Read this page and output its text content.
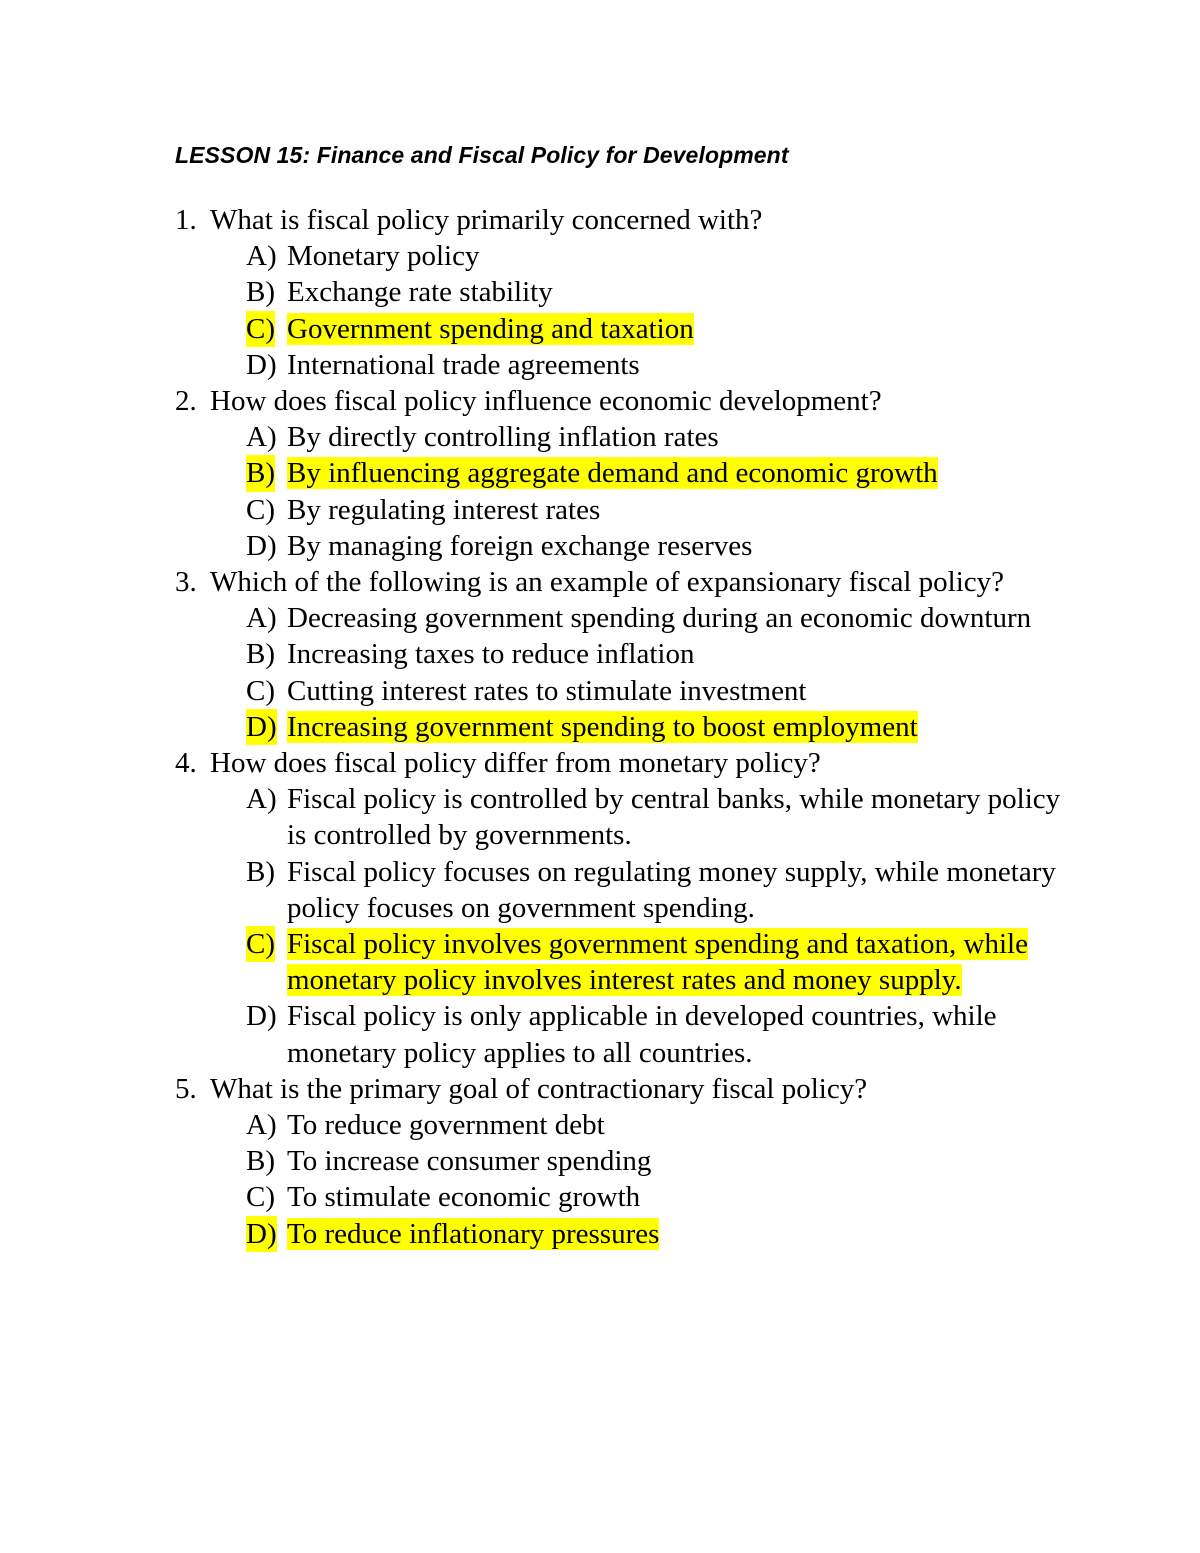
LESSON 15: Finance and Fiscal Policy for Development
1. What is fiscal policy primarily concerned with?
A) Monetary policy
B) Exchange rate stability
C) Government spending and taxation
D) International trade agreements
2. How does fiscal policy influence economic development?
A) By directly controlling inflation rates
B) By influencing aggregate demand and economic growth
C) By regulating interest rates
D) By managing foreign exchange reserves
3. Which of the following is an example of expansionary fiscal policy?
A) Decreasing government spending during an economic downturn
B) Increasing taxes to reduce inflation
C) Cutting interest rates to stimulate investment
D) Increasing government spending to boost employment
4. How does fiscal policy differ from monetary policy?
A) Fiscal policy is controlled by central banks, while monetary policy is controlled by governments.
B) Fiscal policy focuses on regulating money supply, while monetary policy focuses on government spending.
C) Fiscal policy involves government spending and taxation, while monetary policy involves interest rates and money supply.
D) Fiscal policy is only applicable in developed countries, while monetary policy applies to all countries.
5. What is the primary goal of contractionary fiscal policy?
A) To reduce government debt
B) To increase consumer spending
C) To stimulate economic growth
D) To reduce inflationary pressures
